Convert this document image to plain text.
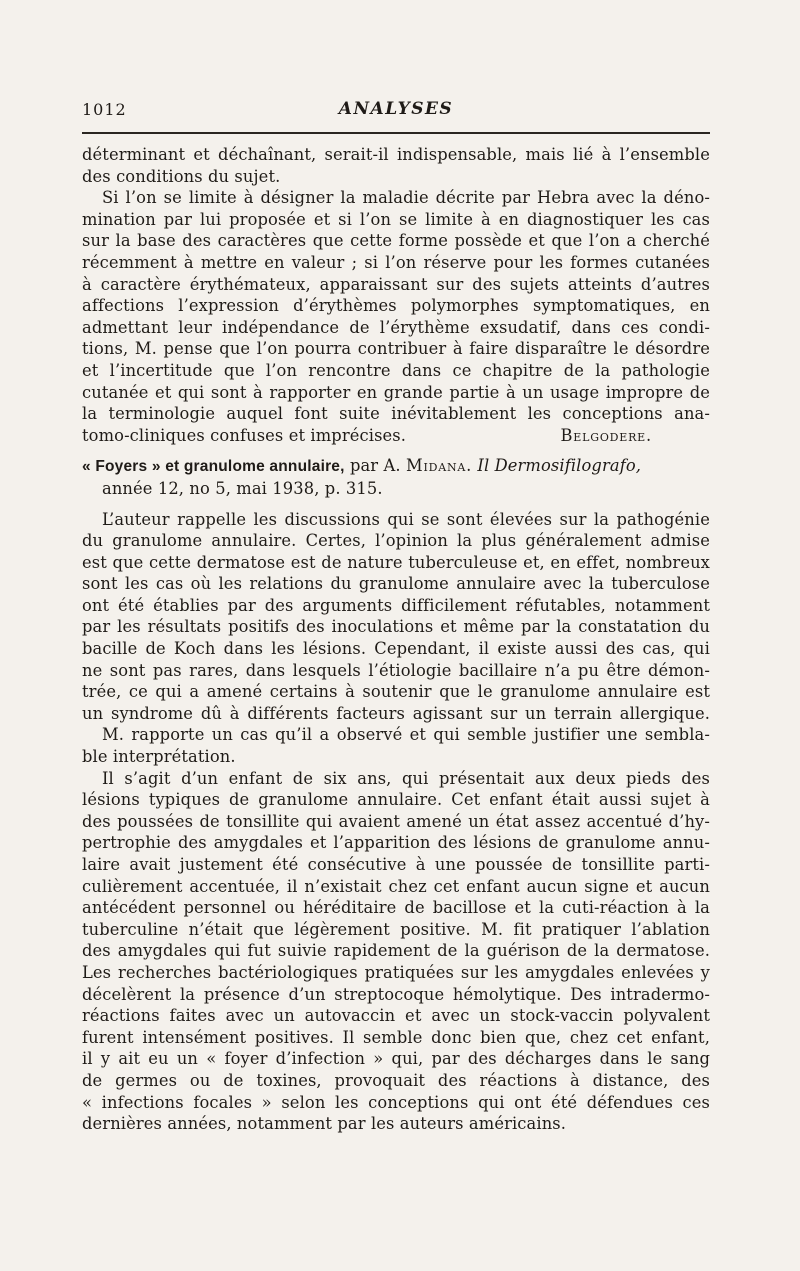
1012	ANALYSES
déterminant et déchaînant, serait-il indispensable, mais lié à l’ensemble
des conditions du sujet.
Si l’on se limite à désigner la maladie décrite par Hebra avec la déno-
mination par lui proposée et si l’on se limite à en diagnostiquer les cas
sur la base des caractères que cette forme possède et que l’on a cherché
récemment à mettre en valeur ; si l’on réserve pour les formes cutanées
à caractère érythémateux, apparaissant sur des sujets atteints d’autres
affections l’expression d’érythèmes polymorphes symptomatiques, en
admettant leur indépendance de l’érythème exsudatif, dans ces condi-
tions, M. pense que l’on pourra contribuer à faire disparaître le désordre
et l’incertitude que l’on rencontre dans ce chapitre de la pathologie
cutanée et qui sont à rapporter en grande partie à un usage impropre de
la terminologie auquel font suite inévitablement les conceptions ana-
tomo-cliniques confuses et imprécises.	Belgodere.
« Foyers » et granulome annulaire, par A. Midana. Il Dermosifilografo,
année 12, no 5, mai 1938, p. 315.
L’auteur rappelle les discussions qui se sont élevées sur la pathogénie
du granulome annulaire. Certes, l’opinion la plus généralement admise
est que cette dermatose est de nature tuberculeuse et, en effet, nombreux
sont les cas où les relations du granulome annulaire avec la tuberculose
ont été établies par des arguments difficilement réfutables, notamment
par les résultats positifs des inoculations et même par la constatation du
bacille de Koch dans les lésions. Cependant, il existe aussi des cas, qui
ne sont pas rares, dans lesquels l’étiologie bacillaire n’a pu être démon-
trée, ce qui a amené certains à soutenir que le granulome annulaire est
un syndrome dû à différents facteurs agissant sur un terrain allergique.
M. rapporte un cas qu’il a observé et qui semble justifier une sembla-
ble interprétation.
Il s’agit d’un enfant de six ans, qui présentait aux deux pieds des
lésions typiques de granulome annulaire. Cet enfant était aussi sujet à
des poussées de tonsillite qui avaient amené un état assez accentué d’hy-
pertrophie des amygdales et l’apparition des lésions de granulome annu-
laire avait justement été consécutive à une poussée de tonsillite parti-
culièrement accentuée, il n’existait chez cet enfant aucun signe et aucun
antécédent personnel ou héréditaire de bacillose et la cuti-réaction à la
tuberculine n’était que légèrement positive. M. fit pratiquer l’ablation
des amygdales qui fut suivie rapidement de la guérison de la dermatose.
Les recherches bactériologiques pratiquées sur les amygdales enlevées y
décelèrent la présence d’un streptocoque hémolytique. Des intradermo-
réactions faites avec un autovaccin et avec un stock-vaccin polyvalent
furent intensément positives. Il semble donc bien que, chez cet enfant,
il y ait eu un « foyer d’infection » qui, par des décharges dans le sang
de germes ou de toxines, provoquait des réactions à distance, des
« infections focales » selon les conceptions qui ont été défendues ces
dernières années, notamment par les auteurs américains.
